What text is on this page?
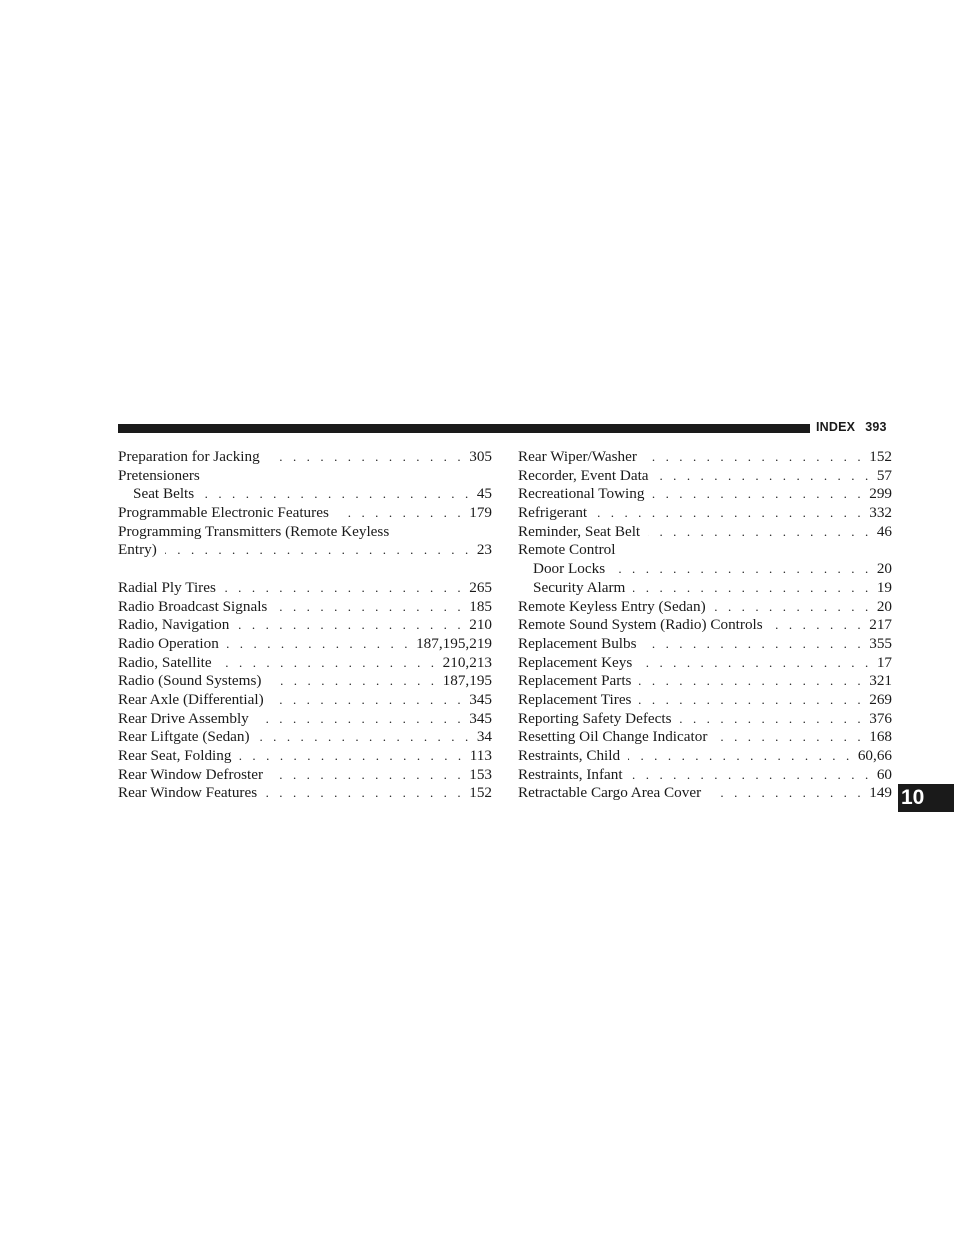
INDEX 393
Preparation for Jacking . . .	305
Pretensioners
Seat Belts . . .	45
Programmable Electronic Features . . .	179
Programming Transmitters (Remote Keyless
Entry) . . .	23
Radial Ply Tires . . .	265
Radio Broadcast Signals . . .	185
Radio, Navigation . . .	210
Radio Operation . . .	187,195,219
Radio, Satellite . . .	210,213
Radio (Sound Systems) . . .	187,195
Rear Axle (Differential) . . .	345
Rear Drive Assembly . . .	345
Rear Liftgate (Sedan) . . .	34
Rear Seat, Folding . . .	113
Rear Window Defroster . . .	153
Rear Window Features . . .	152
Rear Wiper/Washer . . .	152
Recorder, Event Data . . .	57
Recreational Towing . . .	299
Refrigerant . . .	332
Reminder, Seat Belt . . .	46
Remote Control
Door Locks . . .	20
Security Alarm . . .	19
Remote Keyless Entry (Sedan) . . .	20
Remote Sound System (Radio) Controls . . .	217
Replacement Bulbs . . .	355
Replacement Keys . . .	17
Replacement Parts . . .	321
Replacement Tires . . .	269
Reporting Safety Defects . . .	376
Resetting Oil Change Indicator . . .	168
Restraints, Child . . .	60,66
Restraints, Infant . . .	60
Retractable Cargo Area Cover . . .	149 10
